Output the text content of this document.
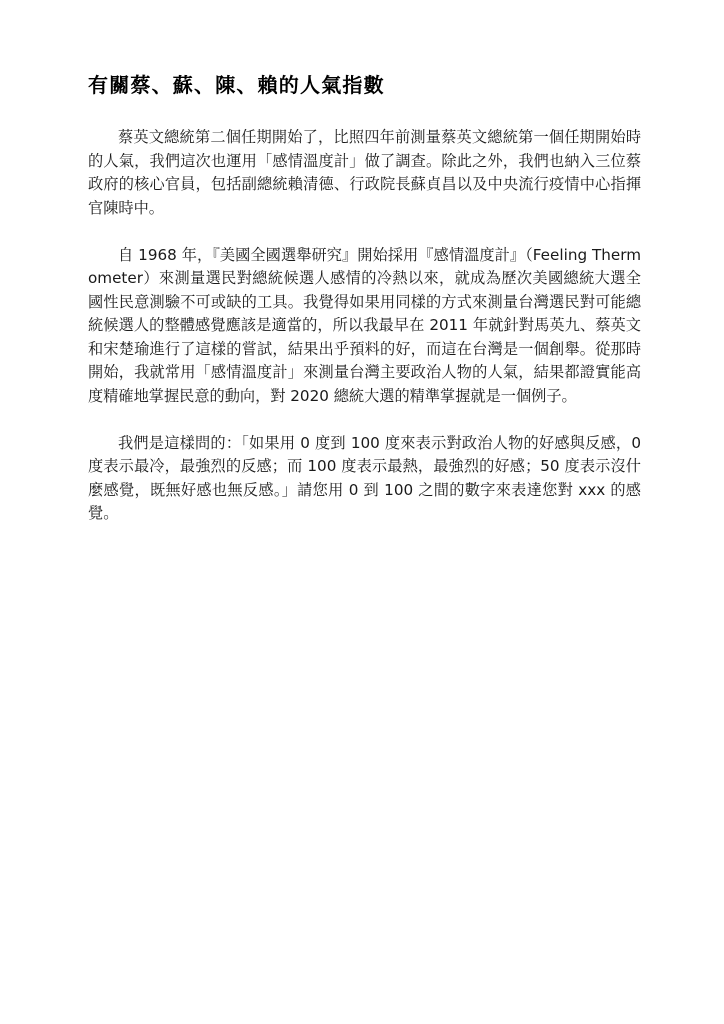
有關蔡、蘇、陳、賴的人氣指數

蔡英文總統第二個任期開始了，比照四年前測量蔡英文總統第一個任期開始時的人氣，我們這次也運用「感情溫度計」做了調查。除此之外，我們也納入三位蔡政府的核心官員，包括副總統賴清德、行政院長蘇貞昌以及中央流行疫情中心指揮官陳時中。

自 1968 年，『美國全國選舉研究』開始採用『感情溫度計』（Feeling Thermometer）來測量選民對總統候選人感情的冷熱以來，就成為歷次美國總統大選全國性民意測驗不可或缺的工具。我覺得如果用同樣的方式來測量台灣選民對可能總統候選人的整體感覺應該是適當的，所以我最早在 2011 年就針對馬英九、蔡英文和宋楚瑜進行了這樣的嘗試，結果出乎預料的好，而這在台灣是一個創舉。從那時開始，我就常用「感情溫度計」來測量台灣主要政治人物的人氣，結果都證實能高度精確地掌握民意的動向，對 2020 總統大選的精準掌握就是一個例子。

我們是這樣問的：「如果用 0 度到 100 度來表示對政治人物的好感與反感，0 度表示最冷，最強烈的反感；而 100 度表示最熱，最強烈的好感；50 度表示沒什麼感覺，既無好感也無反感。」請您用 0 到 100 之間的數字來表達您對 xxx 的感覺。
